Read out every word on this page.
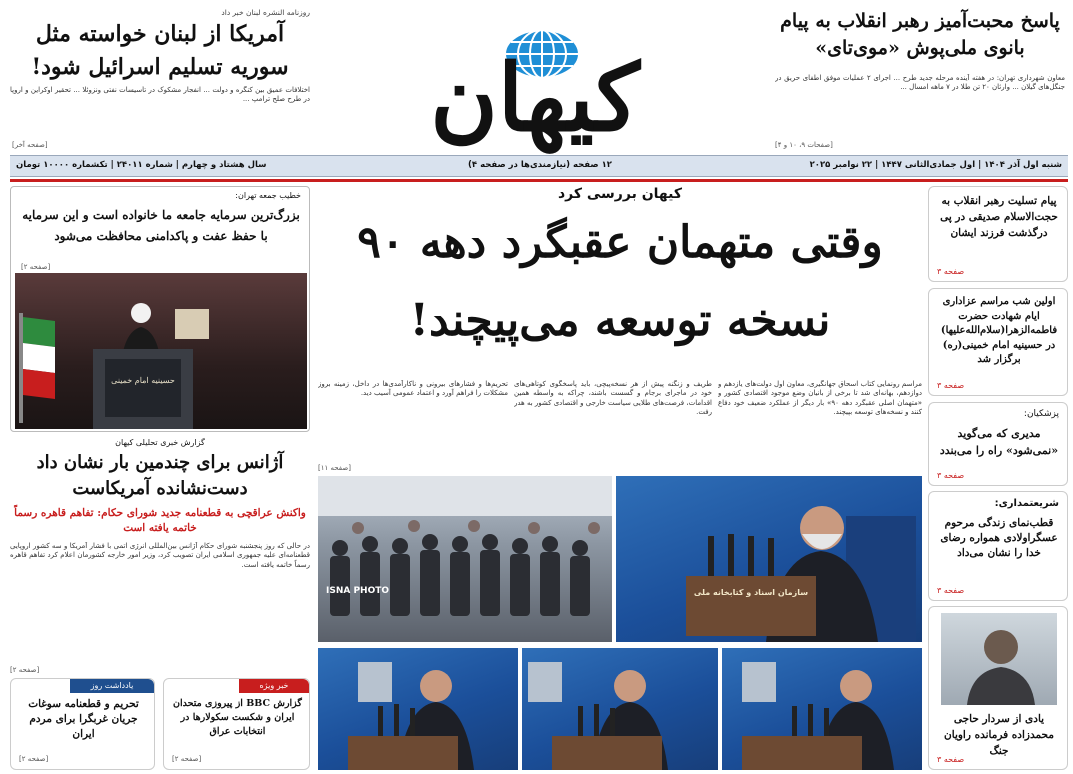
روزنامه النشره لبنان خبر داد
آمریکا از لبنان خواسته مثل سوریه تسلیم اسرائیل شود!
اختلافات عمیق بین کنگره و دولت ... انفجار مشکوک در تأسیسات نفتی ونزوئلا ... تحقیر اوکراین و اروپا در طرح صلح ترامپ ...
[صفحه آخر]	کیهان
پاسخ محبت‌آمیز رهبر انقلاب به پیام بانوی ملی‌پوش «موی‌تای»
معاون شهرداری تهران: در هفته آینده مرحله جدید طرح ... اجرای ۲ عملیات موفق اطفای حریق در جنگل‌های گیلان ... وارثان ۲۰ تن طلا در ۷ ماهه امسال ...
[صفحات ۹، ۱۰ و ۴]
شنبه اول آذر ۱۴۰۴ | اول جمادی‌الثانی ۱۴۴۷ | ۲۲ نوامبر ۲۰۲۵
۱۲ صفحه (نیازمندی‌ها در صفحه ۴)
سال هشتاد و چهارم | شماره ۲۴۰۱۱ | تکشماره ۱۰۰۰۰ تومان
پیام تسلیت رهبر انقلاب به حجت‌الاسلام صدیقی در پی درگذشت فرزند ایشان
صفحه ۳
اولین شب مراسم عزاداری ایام شهادت حضرت فاطمه‌الزهرا(سلام‌الله‌علیها) در حسینیه امام خمینی(ره) برگزار شد
صفحه ۳
پزشکیان:
مدیری که می‌گوید «نمی‌شود» راه را می‌بندد
صفحه ۳
شریعتمداری:
قطب‌نمای زندگی مرحوم عسگراولادی همواره رضای خدا را نشان می‌داد
صفحه ۳
یادی از سردار حاجی محمدزاده فرمانده راویان جنگ
صفحه ۳
کیهان بررسی کرد
وقتی متهمان عقبگرد دهه ۹۰
نسخه توسعه می‌پیچند!
مراسم رونمایی کتاب اسحاق جهانگیری، معاون اول دولت‌های یازدهم و دوازدهم، بهانه‌ای شد تا برخی از بانیان وضع موجود اقتصادی کشور و «متهمان اصلی عقبگرد دهه ۹۰» بار دیگر از عملکرد ضعیف خود دفاع کنند و نسخه‌های توسعه بپیچند.
طریف و زنگنه پیش از هر نسخه‌پیچی، باید پاسخگوی کوتاهی‌های خود در ماجرای برجام و گسست باشند، چراکه به واسطه همین اقدامات، فرصت‌های طلایی سیاست خارجی و اقتصادی کشور به هدر رفت.
تحریم‌ها و فشارهای بیرونی و ناکارآمدی‌ها در داخل، زمینه بروز مشکلات را فراهم آورد و اعتماد عمومی آسیب دید.
[صفحه ۱۱]
ISNA PHOTO	سازمان اسناد و کتابخانه ملی
خطیب جمعه تهران:
بزرگ‌ترین سرمایه جامعه ما خانواده است و این سرمایه با حفظ عفت و پاکدامنی محافظت می‌شود
[صفحه ۲]
حسینیه امام خمینی
گزارش خبری تحلیلی کیهان
آژانس برای چندمین بار نشان داد دست‌نشانده آمریکاست
واکنش عراقچی به قطعنامه جدید شورای حکام: تفاهم قاهره رسماً خاتمه یافته است
در حالی که روز پنجشنبه شورای حکام آژانس بین‌المللی انرژی اتمی با فشار آمریکا و سه کشور اروپایی قطعنامه‌ای علیه جمهوری اسلامی ایران تصویب کرد، وزیر امور خارجه کشورمان اعلام کرد تفاهم قاهره رسماً خاتمه یافته است.
[صفحه ۲]
یادداشت روز
تحریم و قطعنامه سوغات جریان غربگرا برای مردم ایران
[صفحه ۲]
خبر ویژه
گزارش BBC از پیروزی متحدان ایران و شکست سکولارها در انتخابات عراق
[صفحه ۲]
